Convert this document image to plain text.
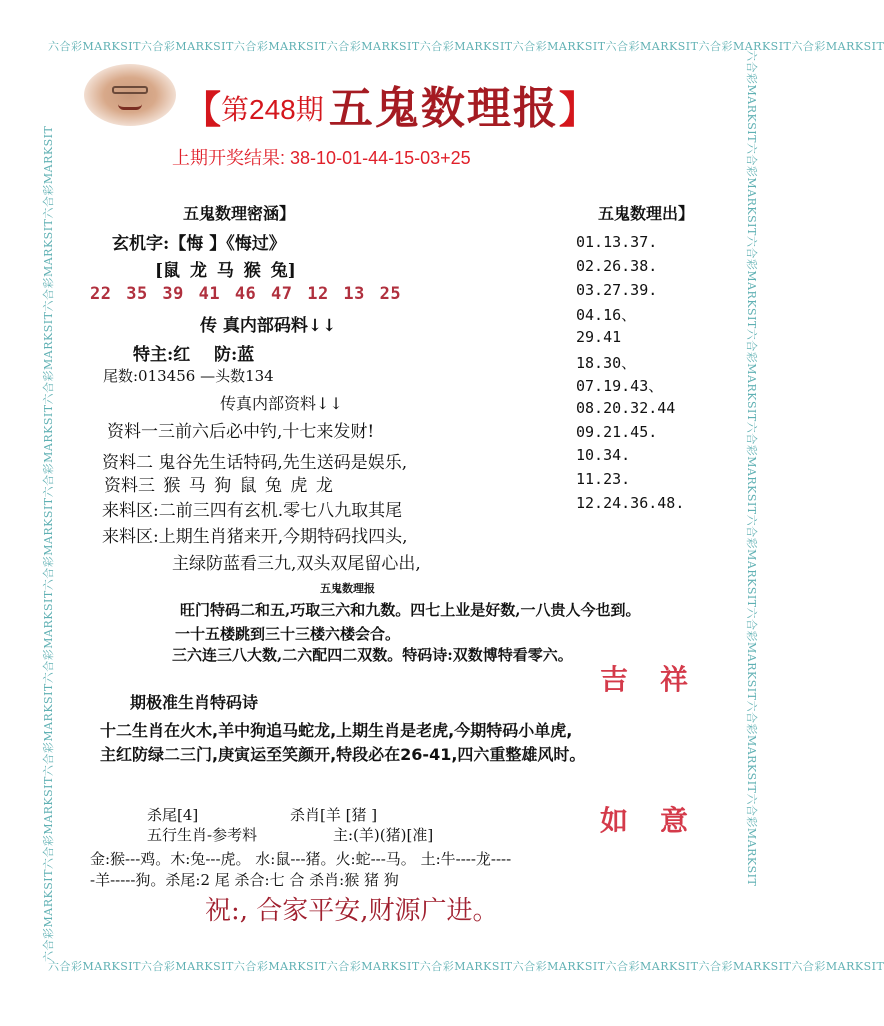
六合彩MARKSIT六合彩MARKSIT六合彩MARKSIT六合彩MARKSIT六合彩MARKSIT六合彩MARKSIT六合彩MARKSIT六合彩MARKSIT六合彩MARKSIT
六合彩MARKSIT六合彩MARKSIT六合彩MARKSIT六合彩MARKSIT六合彩MARKSIT六合彩MARKSIT六合彩MARKSIT六合彩MARKSIT六合彩MARKSIT
六合彩MARKSIT六合彩MARKSIT六合彩MARKSIT六合彩MARKSIT六合彩MARKSIT六合彩MARKSIT六合彩MARKSIT六合彩MARKSIT六合彩MARKSIT	六合彩MARKSIT六合彩MARKSIT六合彩MARKSIT六合彩MARKSIT六合彩MARKSIT六合彩MARKSIT六合彩MARKSIT六合彩MARKSIT六合彩MARKSIT
【第248期 五鬼数理报】
上期开奖结果: 38-10-01-44-15-03+25
五鬼数理密涵】
玄机字:【悔 】《悔过》
[鼠 龙 马 猴 兔]
22 35 39 41 46 47 12 13 25
传 真内部码料↓↓
特主:红    防:蓝
尾数:013456 —头数134
传真内部资料↓↓
资料一三前六后必中钓,十七来发财!
资料二 鬼谷先生话特码,先生送码是娱乐,
资料三 猴 马 狗 鼠 兔 虎 龙
来料区:二前三四有玄机.零七八九取其尾
来料区:上期生肖猪来开,今期特码找四头,
主绿防蓝看三九,双头双尾留心出,
五鬼数理出】
01.13.37.
02.26.38.
03.27.39.
04.16、
29.41
18.30、
07.19.43、
08.20.32.44
09.21.45.
10.34.
11.23.
12.24.36.48.
五鬼数理报
旺门特码二和五,巧取三六和九数。四七上业是好数,一八贵人今也到。
一十五楼跳到三十三楼六楼会合。
三六连三八大数,二六配四二双数。特码诗:双数博特看零六。
期极准生肖特码诗
十二生肖在火木,羊中狗追马蛇龙,上期生肖是老虎,今期特码小单虎,
主红防绿二三门,庚寅运至笑颜开,特段必在26-41,四六重整雄风时。
杀尾[4]	杀肖[羊 [猪 ]
五行生肖-参考料	主:(羊)(猪)[准]
金:猴---鸡。木:兔---虎。 水:鼠---猪。火:蛇---马。 土:牛----龙----
-羊-----狗。杀尾:2 尾 杀合:七 合 杀肖:猴 猪 狗
祝:, 合家平安,财源广进。
吉 祥
如 意
